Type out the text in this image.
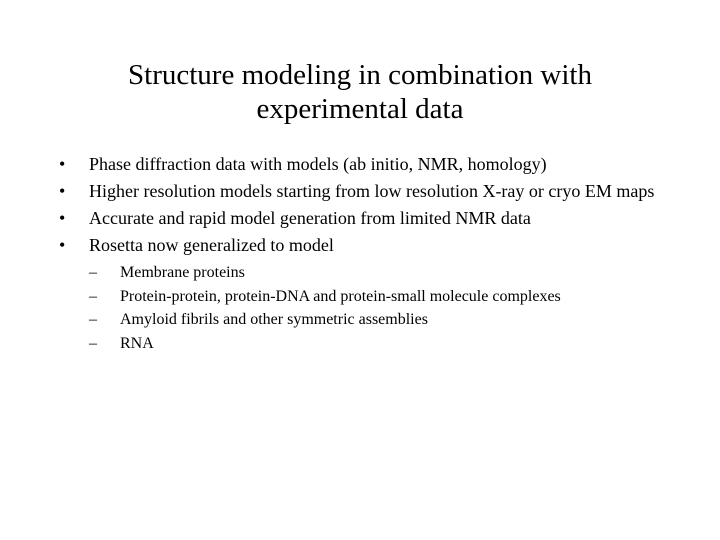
Structure modeling in combination with
experimental data
•	Phase diffraction data with models (ab initio, NMR, homology)
•	Higher resolution models starting from low resolution X-ray or cryo EM maps
•	Accurate and rapid model generation from limited NMR data
•	Rosetta now generalized to model
–	Membrane proteins
–	Protein-protein, protein-DNA and protein-small molecule complexes
–	Amyloid fibrils and other symmetric assemblies
–	RNA
